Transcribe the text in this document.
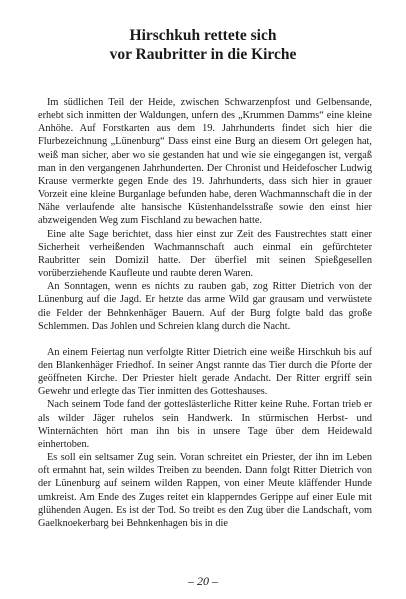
Hirschkuh rettete sich
vor Raubritter in die Kirche

Im südlichen Teil der Heide, zwischen Schwarzenpfost und Gelbensande, erhebt sich inmitten der Waldungen, unfern des „Krummen Damms“ eine kleine Anhöhe. Auf Forstkarten aus dem 19. Jahrhunderts findet sich hier die Flurbezeichnung „Lünenburg“ Dass einst eine Burg an diesem Ort gelegen hat, weiß man sicher, aber wo sie gestanden hat und wie sie eingegangen ist, vergaß man in den vergangenen Jahrhunderten. Der Chronist und Heidefoscher Ludwig Krause vermerkte gegen Ende des 19. Jahrhunderts, dass sich hier in grauer Vorzeit eine kleine Burganlage befunden habe, deren Wachmannschaft die in der Nähe verlaufende alte hansische Küstenhandelsstraße sowie den einst hier abzweigenden Weg zum Fischland zu bewachen hatte.

Eine alte Sage berichtet, dass hier einst zur Zeit des Faustrechtes statt einer Sicherheit verheißenden Wachmannschaft auch einmal ein gefürchteter Raubritter sein Domizil hatte. Der überfiel mit seinen Spießgesellen vorüberziehende Kaufleute und raubte deren Waren.

An Sonntagen, wenn es nichts zu rauben gab, zog Ritter Dietrich von der Lünenburg auf die Jagd. Er hetzte das arme Wild gar grausam und verwüstete die Felder der Behnkenhäger Bauern. Auf der Burg folgte bald das große Schlemmen. Das Johlen und Schreien klang durch die Nacht.

An einem Feiertag nun verfolgte Ritter Dietrich eine weiße Hirschkuh bis auf den Blankenhäger Friedhof. In seiner Angst rannte das Tier durch die Pforte der geöffneten Kirche. Der Priester hielt gerade Andacht. Der Ritter ergriff sein Gewehr und erlegte das Tier inmitten des Gotteshauses.

Nach seinem Tode fand der gotteslästerliche Ritter keine Ruhe. Fortan trieb er als wilder Jäger ruhelos sein Handwerk. In stürmischen Herbst- und Winternächten hört man ihn bis in unsere Tage über dem Heidewald einhertoben.

Es soll ein seltsamer Zug sein. Voran schreitet ein Priester, der ihn im Leben oft ermahnt hat, sein wildes Treiben zu beenden. Dann folgt Ritter Dietrich von der Lünenburg auf seinem wilden Rappen, von einer Meute kläffender Hunde umkreist. Am Ende des Zuges reitet ein klapperndes Gerippe auf einer Eule mit glühenden Augen. Es ist der Tod. So treibt es den Zug über die Landschaft, vom Gaelknoekerbarg bei Behnkenhagen bis in die

– 20 –
